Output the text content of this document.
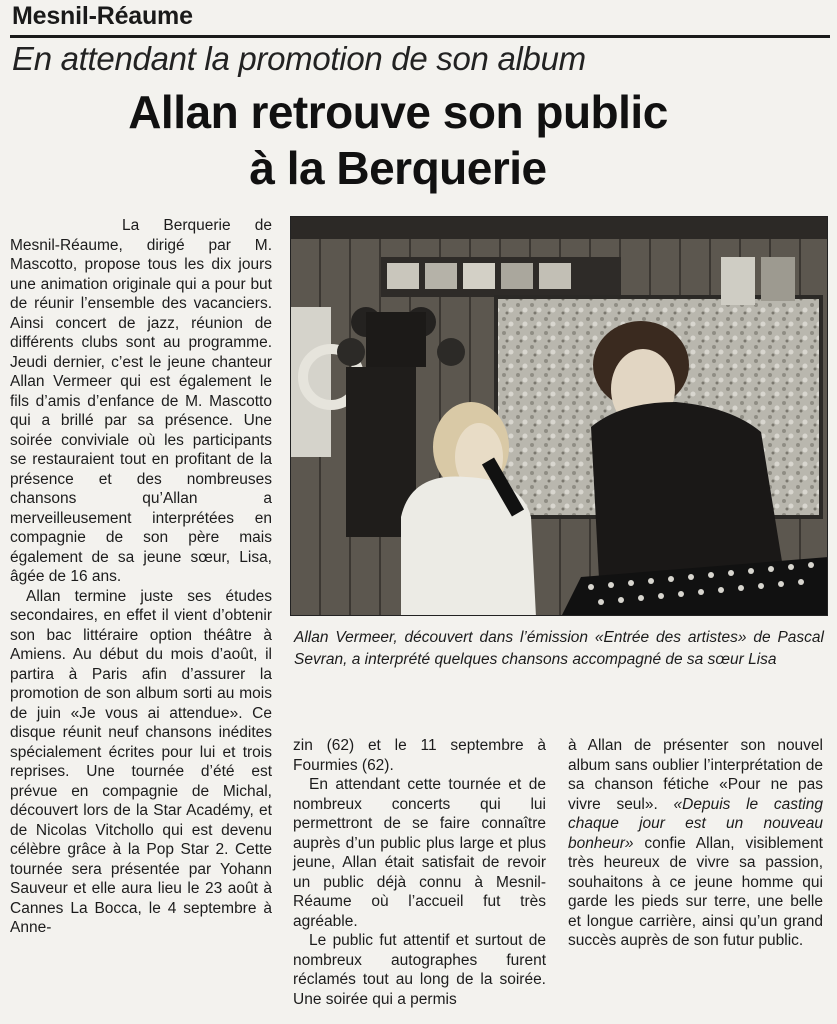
Mesnil-Réaume
En attendant la promotion de son album
Allan retrouve son public
à la Berquerie

La Berquerie de Mesnil-Réaume, dirigé par M. Mascotto, propose tous les dix jours une animation originale qui a pour but de réunir l’ensemble des vacanciers. Ainsi concert de jazz, réunion de différents clubs sont au programme. Jeudi dernier, c’est le jeune chanteur Allan Vermeer qui est également le fils d’amis d’enfance de M. Mascotto qui a brillé par sa présence. Une soirée conviviale où les participants se restauraient tout en profitant de la présence et des nombreuses chansons qu’Allan a merveilleusement interprétées en compagnie de son père mais également de sa jeune sœur, Lisa, âgée de 16 ans.

Allan termine juste ses études secondaires, en effet il vient d’obtenir son bac littéraire option théâtre à Amiens. Au début du mois d’août, il partira à Paris afin d’assurer la promotion de son album sorti au mois de juin «Je vous ai attendue». Ce disque réunit neuf chansons inédites spécialement écrites pour lui et trois reprises. Une tournée d’été est prévue en compagnie de Michal, découvert lors de la Star Académy, et de Nicolas Vitchollo qui est devenu célèbre grâce à la Pop Star 2. Cette tournée sera présentée par Yohann Sauveur et elle aura lieu le 23 août à Cannes La Bocca, le 4 septembre à Anne-

Allan Vermeer, découvert dans l’émission «Entrée des artistes» de Pascal Sevran, a interprété quelques chansons accompagné de sa sœur Lisa

zin (62) et le 11 septembre à Fourmies (62).

En attendant cette tournée et de nombreux concerts qui lui permettront de se faire connaître auprès d’un public plus large et plus jeune, Allan était satisfait de revoir un public déjà connu à Mesnil-Réaume où l’accueil fut très agréable.

Le public fut attentif et surtout de nombreux autographes furent réclamés tout au long de la soirée. Une soirée qui a permis

à Allan de présenter son nouvel album sans oublier l’interprétation de sa chanson fétiche «Pour ne pas vivre seul». «Depuis le casting chaque jour est un nouveau bonheur» confie Allan, visiblement très heureux de vivre sa passion, souhaitons à ce jeune homme qui garde les pieds sur terre, une belle et longue carrière, ainsi qu’un grand succès auprès de son futur public.
